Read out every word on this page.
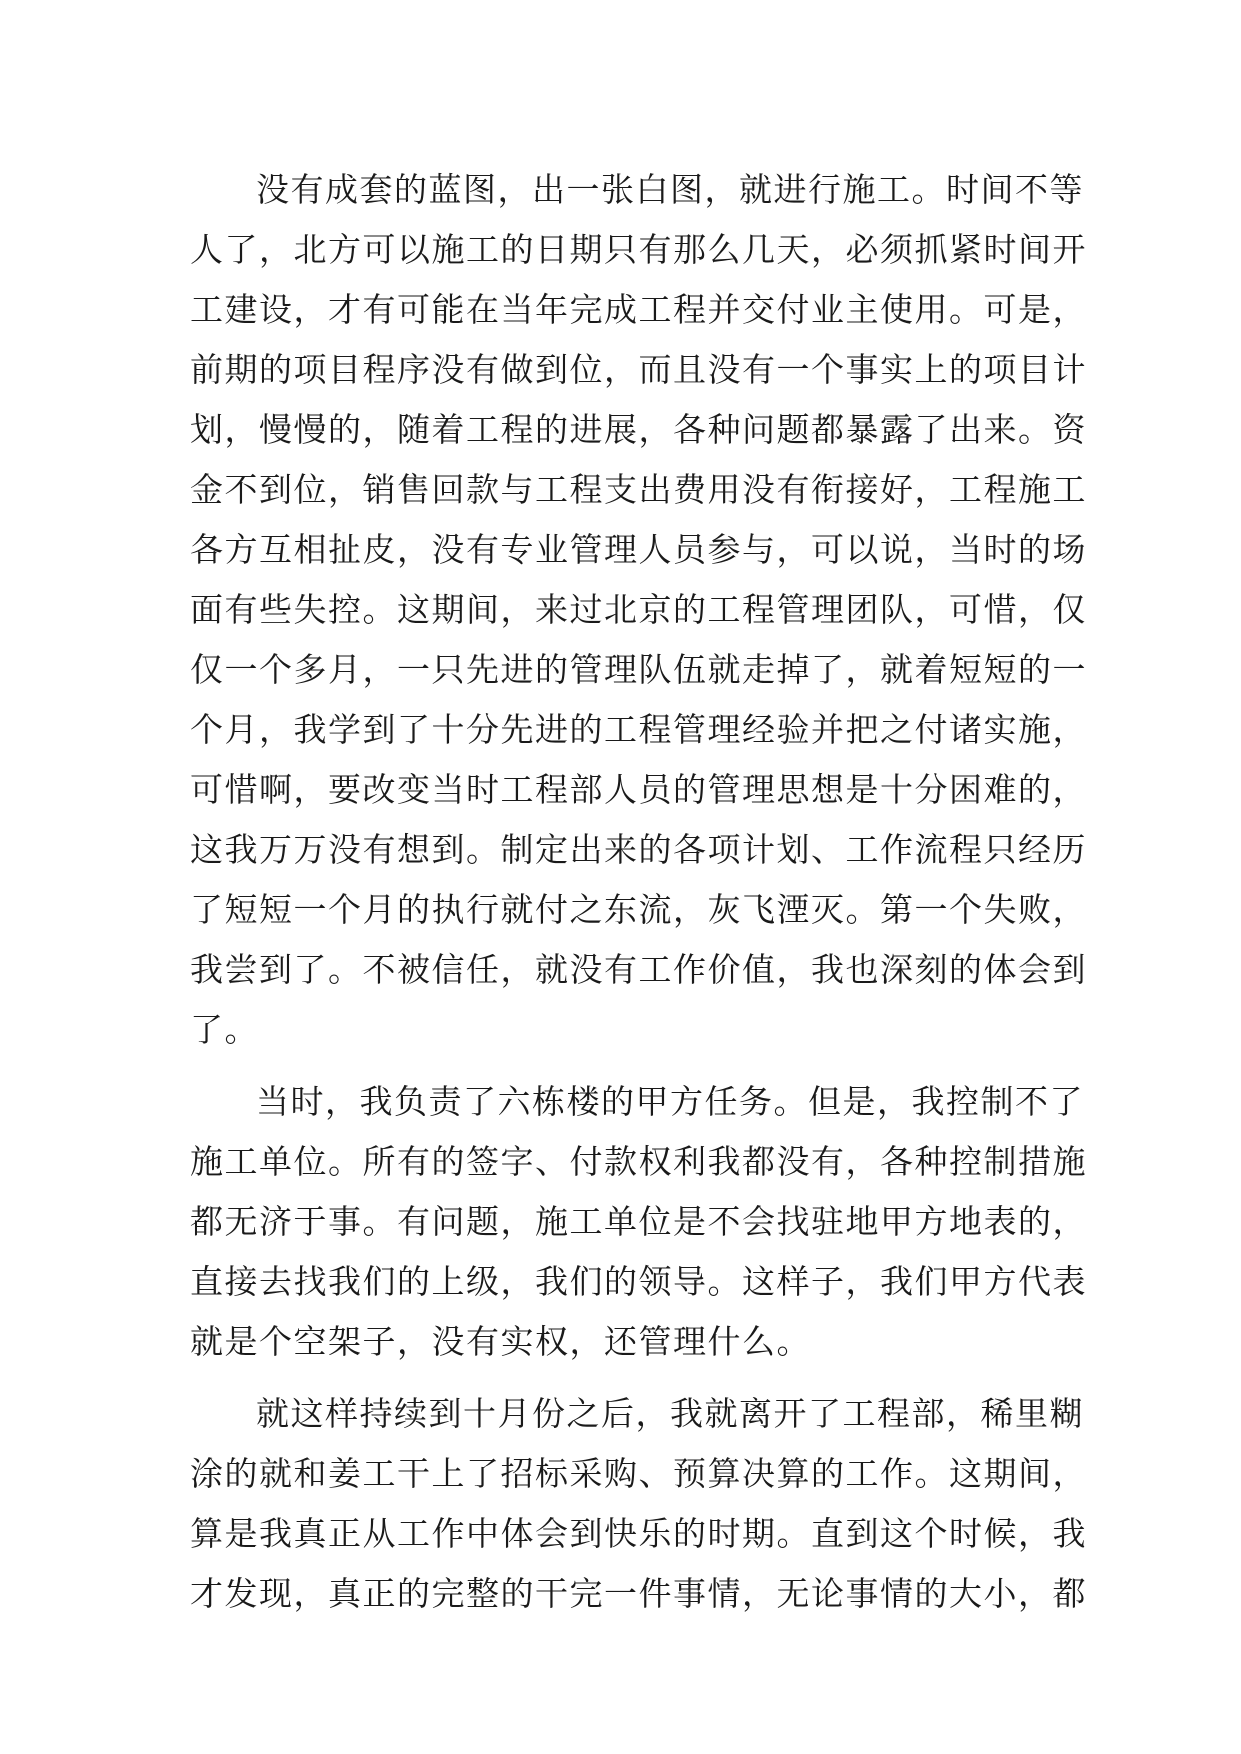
没有成套的蓝图，出一张白图，就进行施工。时间不等
人了，北方可以施工的日期只有那么几天，必须抓紧时间开
工建设，才有可能在当年完成工程并交付业主使用。可是，
前期的项目程序没有做到位，而且没有一个事实上的项目计
划，慢慢的，随着工程的进展，各种问题都暴露了出来。资
金不到位，销售回款与工程支出费用没有衔接好，工程施工
各方互相扯皮，没有专业管理人员参与，可以说，当时的场
面有些失控。这期间，来过北京的工程管理团队，可惜，仅
仅一个多月，一只先进的管理队伍就走掉了，就着短短的一
个月，我学到了十分先进的工程管理经验并把之付诸实施，
可惜啊，要改变当时工程部人员的管理思想是十分困难的，
这我万万没有想到。制定出来的各项计划、工作流程只经历
了短短一个月的执行就付之东流，灰飞湮灭。第一个失败，
我尝到了。不被信任，就没有工作价值，我也深刻的体会到
了。
当时，我负责了六栋楼的甲方任务。但是，我控制不了
施工单位。所有的签字、付款权利我都没有，各种控制措施
都无济于事。有问题，施工单位是不会找驻地甲方地表的，
直接去找我们的上级，我们的领导。这样子，我们甲方代表
就是个空架子，没有实权，还管理什么。
就这样持续到十月份之后，我就离开了工程部，稀里糊
涂的就和姜工干上了招标采购、预算决算的工作。这期间，
算是我真正从工作中体会到快乐的时期。直到这个时候，我
才发现，真正的完整的干完一件事情，无论事情的大小，都
